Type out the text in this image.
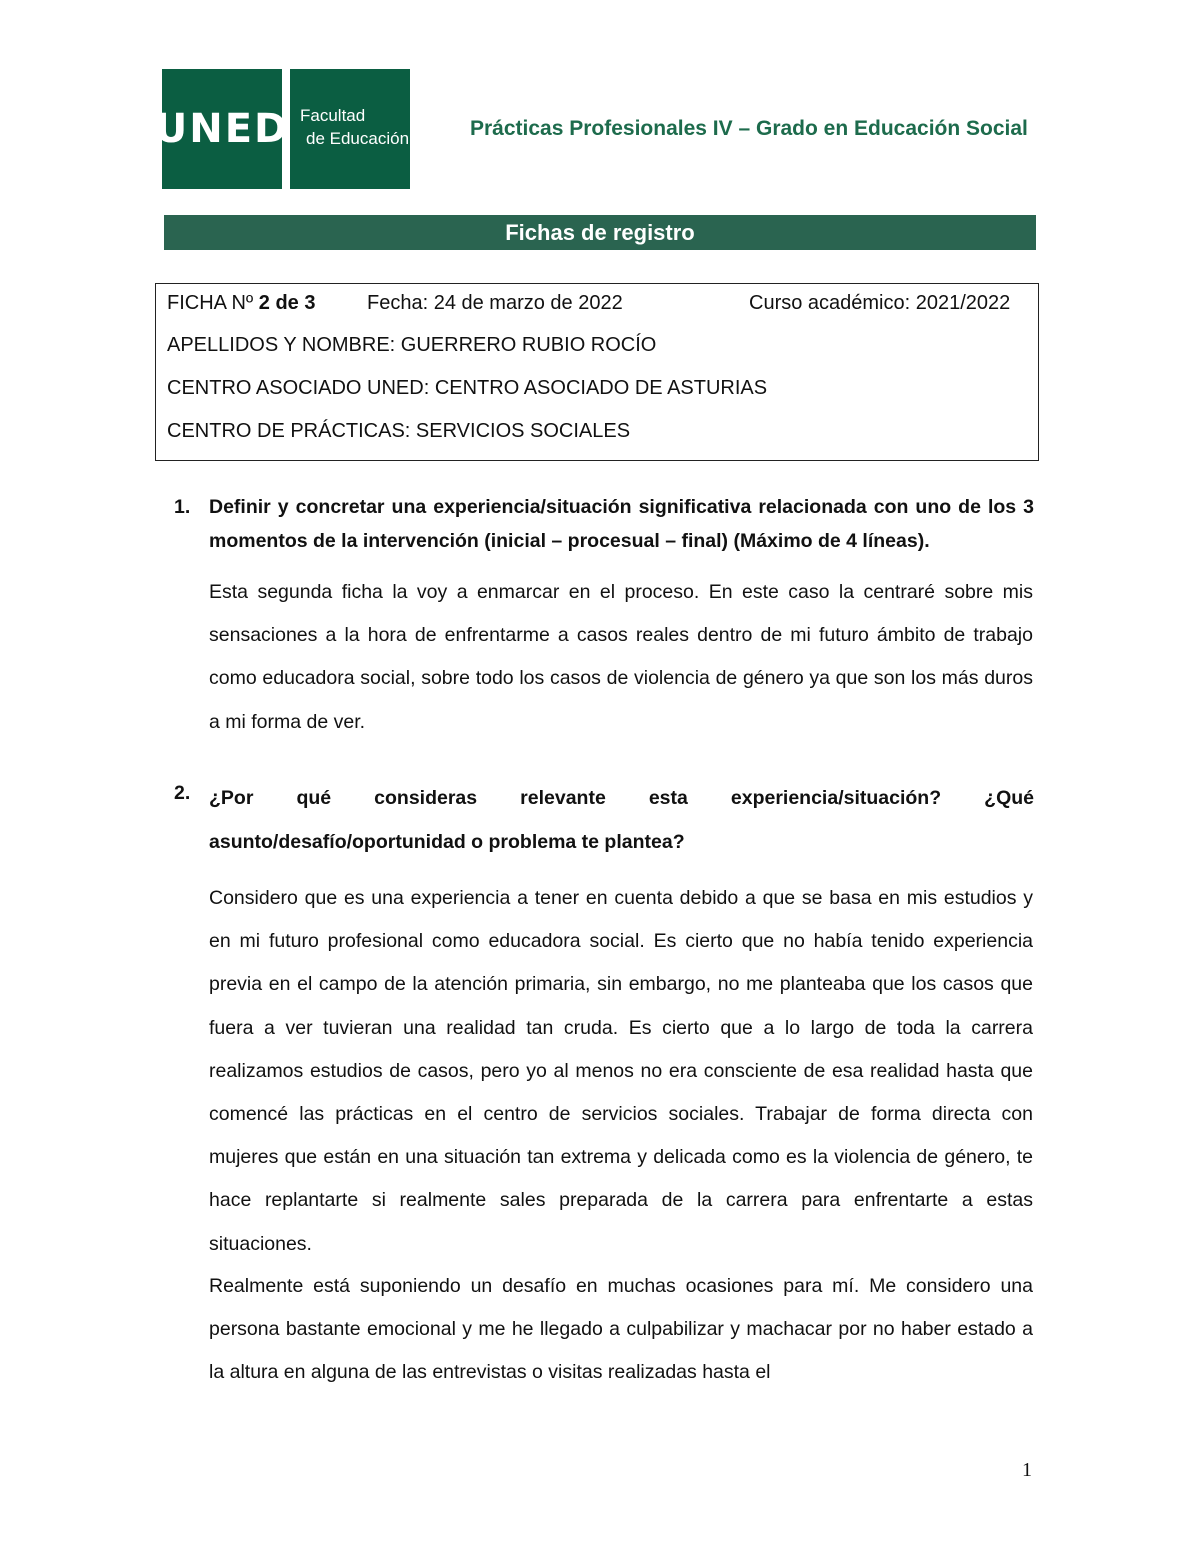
UNED Facultad
de Educación	Prácticas Profesionales IV – Grado en Educación Social
Fichas de registro
FICHA Nº 2 de 3	Fecha: 24 de marzo de 2022	Curso académico: 2021/2022
APELLIDOS Y NOMBRE: GUERRERO RUBIO ROCÍO
CENTRO ASOCIADO UNED: CENTRO ASOCIADO DE ASTURIAS
CENTRO DE PRÁCTICAS: SERVICIOS SOCIALES
1. Definir y concretar una experiencia/situación significativa relacionada con uno de los 3 momentos de la intervención (inicial – procesual – final) (Máximo de 4 líneas).

Esta segunda ficha la voy a enmarcar en el proceso. En este caso la centraré sobre mis sensaciones a la hora de enfrentarme a casos reales dentro de mi futuro ámbito de trabajo como educadora social, sobre todo los casos de violencia de género ya que son los más duros a mi forma de ver.

2. ¿Por qué consideras relevante esta experiencia/situación? ¿Qué asunto/desafío/oportunidad o problema te plantea?

Considero que es una experiencia a tener en cuenta debido a que se basa en mis estudios y en mi futuro profesional como educadora social. Es cierto que no había tenido experiencia previa en el campo de la atención primaria, sin embargo, no me planteaba que los casos que fuera a ver tuvieran una realidad tan cruda. Es cierto que a lo largo de toda la carrera realizamos estudios de casos, pero yo al menos no era consciente de esa realidad hasta que comencé las prácticas en el centro de servicios sociales. Trabajar de forma directa con mujeres que están en una situación tan extrema y delicada como es la violencia de género, te hace replantarte si realmente sales preparada de la carrera para enfrentarte a estas situaciones.

Realmente está suponiendo un desafío en muchas ocasiones para mí. Me considero una persona bastante emocional y me he llegado a culpabilizar y machacar por no haber estado a la altura en alguna de las entrevistas o visitas realizadas hasta el

1
